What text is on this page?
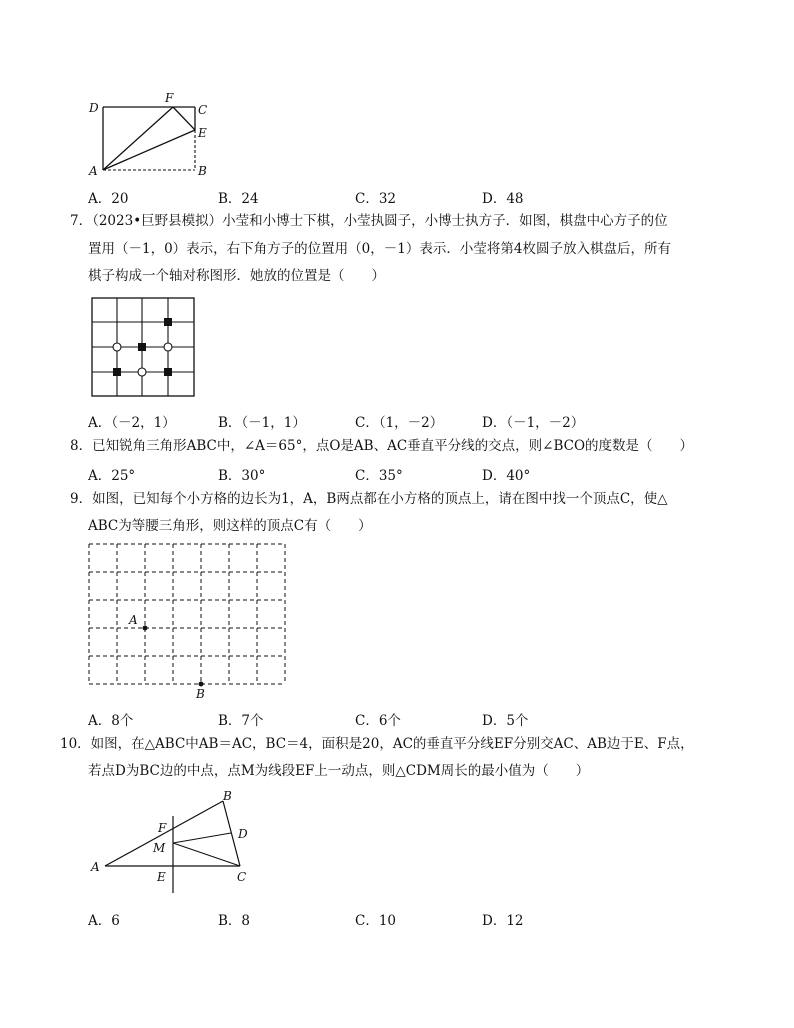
D
F
C
E
A	B
A．20	B．24	C．32	D．48
7．（2023•巨野县模拟）小莹和小博士下棋，小莹执圆子，小博士执方子．如图，棋盘中心方子的位
置用（－1，0）表示，右下角方子的位置用（0，－1）表示．小莹将第4枚圆子放入棋盘后，所有
棋子构成一个轴对称图形．她放的位置是（　　）
A．（－2，1）	B．（－1，1）	C．（1，－2）	D．（－1，－2）
8．已知锐角三角形ABC中，∠A＝65°，点O是AB、AC垂直平分线的交点，则∠BCO的度数是（　　）
A．25°	B．30°	C．35°	D．40°
9．如图，已知每个小方格的边长为1，A，B两点都在小方格的顶点上，请在图中找一个顶点C，使△
ABC为等腰三角形，则这样的顶点C有（　　）
A
B
A．8个	B．7个	C．6个	D．5个
10．如图，在△ABC中AB＝AC，BC＝4，面积是20，AC的垂直平分线EF分别交AC、AB边于E、F点，
若点D为BC边的中点，点M为线段EF上一动点，则△CDM周长的最小值为（　　）
B
F	D
M
A
E	C
A．6	B．8	C．10	D．12
